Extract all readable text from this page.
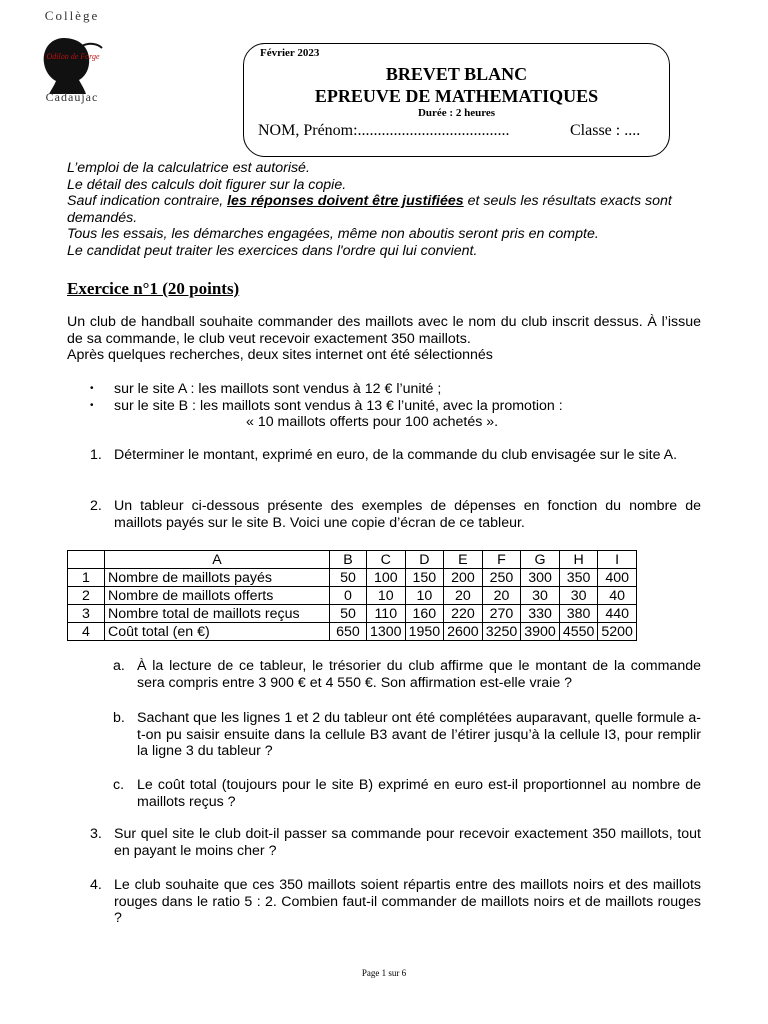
Collège
Odilon de Forge
Cadaujac
Février 2023
BREVET BLANC
EPREUVE DE MATHEMATIQUES
Durée : 2 heures
NOM, Prénom:......................................	Classe : ....

L’emploi de la calculatrice est autorisé.

Le détail des calculs doit figurer sur la copie.

Sauf indication contraire, les réponses doivent être justifiées et seuls les résultats exacts sont demandés.

Tous les essais, les démarches engagées, même non aboutis seront pris en compte.

Le candidat peut traiter les exercices dans l'ordre qui lui convient.

Exercice n°1 (20 points)

Un club de handball souhaite commander des maillots avec le nom du club inscrit dessus. À l’issue de sa commande, le club veut recevoir exactement 350 maillots.

Après quelques recherches, deux sites internet ont été sélectionnés

• sur le site A : les maillots sont vendus à 12 € l’unité ;
• sur le site B : les maillots sont vendus à 13 € l’unité, avec la promotion :
« 10 maillots offerts pour 100 achetés ».
1. Déterminer le montant, exprimé en euro, de la commande du club envisagée sur le site A.
2. Un tableur ci-dessous présente des exemples de dépenses en fonction du nombre de maillots payés sur le site B. Voici une copie d’écran de ce tableur.
	A	B	C	D	E	F	G	H	I
1	Nombre de maillots payés	50	100	150	200	250	300	350	400
2	Nombre de maillots offerts	0	10	10	20	20	30	30	40
3	Nombre total de maillots reçus	50	110	160	220	270	330	380	440
4	Coût total (en €)	650	1300	1950	2600	3250	3900	4550	5200
a. À la lecture de ce tableur, le trésorier du club affirme que le montant de la commande sera compris entre 3 900 € et 4 550 €. Son affirmation est-elle vraie ?
b. Sachant que les lignes 1 et 2 du tableur ont été complétées auparavant, quelle formule a-t-on pu saisir ensuite dans la cellule B3 avant de l’étirer jusqu’à la cellule I3, pour remplir la ligne 3 du tableur ?
c. Le coût total (toujours pour le site B) exprimé en euro est-il proportionnel au nombre de maillots reçus ?
3. Sur quel site le club doit-il passer sa commande pour recevoir exactement 350 maillots, tout en payant le moins cher ?
4. Le club souhaite que ces 350 maillots soient répartis entre des maillots noirs et des maillots rouges dans le ratio 5 : 2. Combien faut-il commander de maillots noirs et de maillots rouges ?
Page 1 sur 6
